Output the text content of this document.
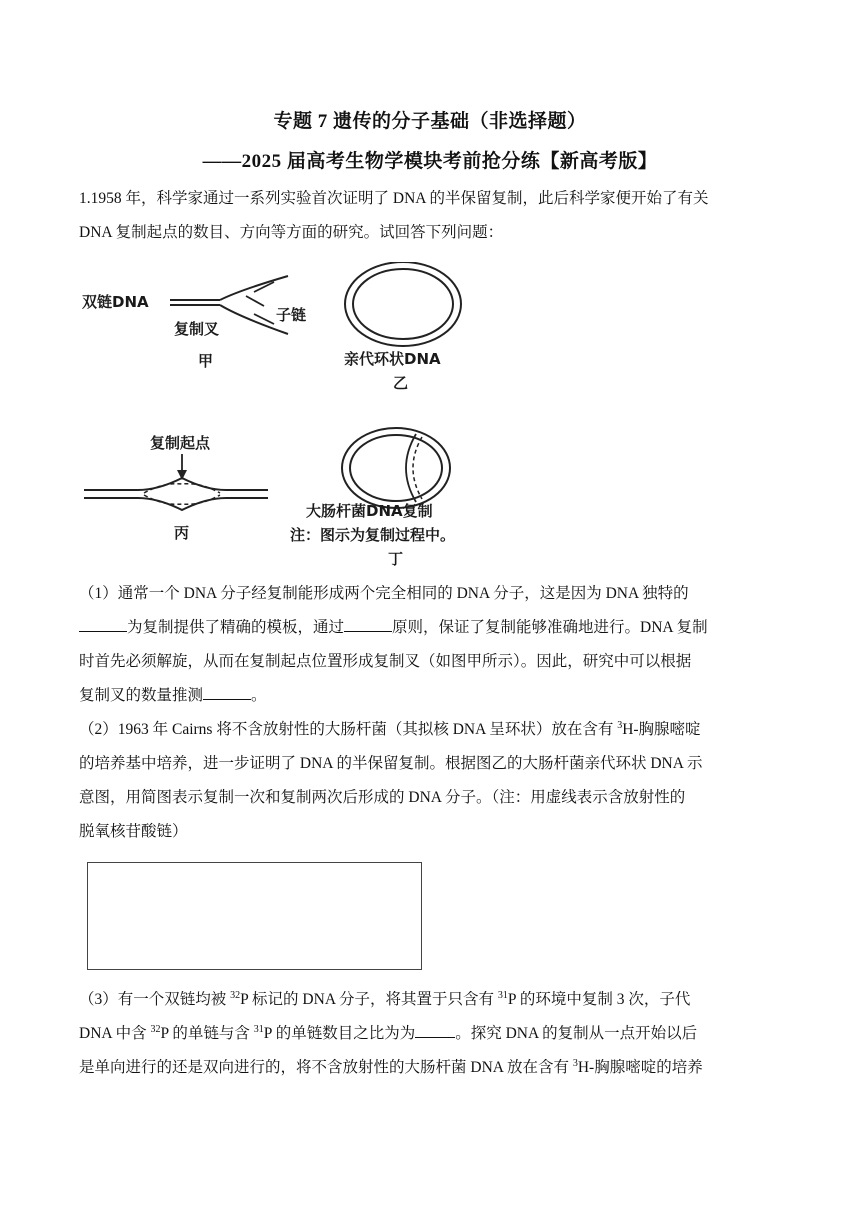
专题 7 遗传的分子基础（非选择题）
——2025 届高考生物学模块考前抢分练【新高考版】
1.1958 年，科学家通过一系列实验首次证明了 DNA 的半保留复制，此后科学家便开始了有关
DNA 复制起点的数目、方向等方面的研究。试回答下列问题：
双链DNA
子链
复制叉
甲	亲代环状DNA
乙
复制起点
丙
大肠杆菌DNA复制
注：图示为复制过程中。
丁
（1）通常一个 DNA 分子经复制能形成两个完全相同的 DNA 分子，这是因为 DNA 独特的
为复制提供了精确的模板，通过	原则，保证了复制能够准确地进行。DNA 复制
时首先必须解旋，从而在复制起点位置形成复制叉（如图甲所示）。因此，研究中可以根据
复制叉的数量推测	。
（2）1963 年 Cairns 将不含放射性的大肠杆菌（其拟核 DNA 呈环状）放在含有 $^3$H-胸腺嘧啶
的培养基中培养，进一步证明了 DNA 的半保留复制。根据图乙的大肠杆菌亲代环状 DNA 示
意图，用简图表示复制一次和复制两次后形成的 DNA 分子。（注：用虚线表示含放射性的
脱氧核苷酸链）
（3）有一个双链均被 $^{32}$P 标记的 DNA 分子，将其置于只含有 $^{31}$P 的环境中复制 3 次，子代
DNA 中含 $^{32}$P 的单链与含 $^{31}$P 的单链数目之比为为	。探究 DNA 的复制从一点开始以后
是单向进行的还是双向进行的，将不含放射性的大肠杆菌 DNA 放在含有 $^3$H-胸腺嘧啶的培养
